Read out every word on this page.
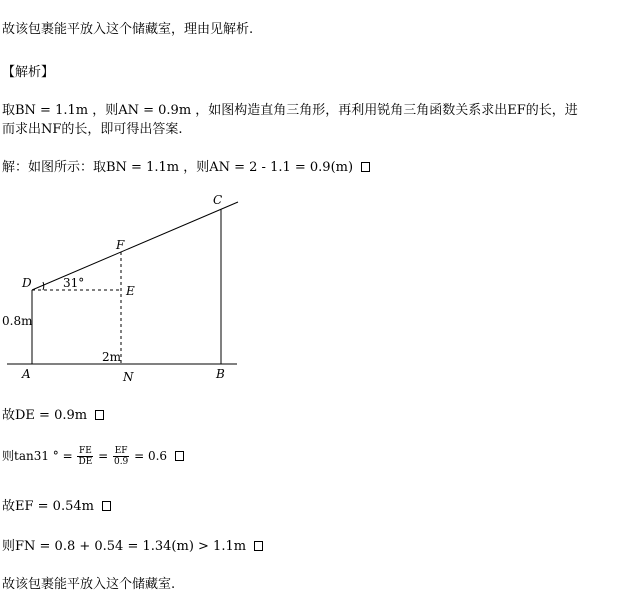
故该包裹能平放入这个储藏室，理由见解析.
【解析】
取BN = 1.1m ，则AN = 0.9m ，如图构造直角三角形，再利用锐角三角函数关系求出EF的长，进
而求出NF的长，即可得出答案.
解：如图所示：取BN = 1.1m ，则AN = 2 - 1.1 = 0.9(m)
C
F
D
E
A	N	B
31°
0.8m
2m
故DE = 0.9m
则tan31 ° = $\frac{FE}{DE} = \frac{EF}{0.9} = 0.6$
故EF = 0.54m
则FN = 0.8 + 0.54 = 1.34(m) > 1.1m
故该包裹能平放入这个储藏室.
